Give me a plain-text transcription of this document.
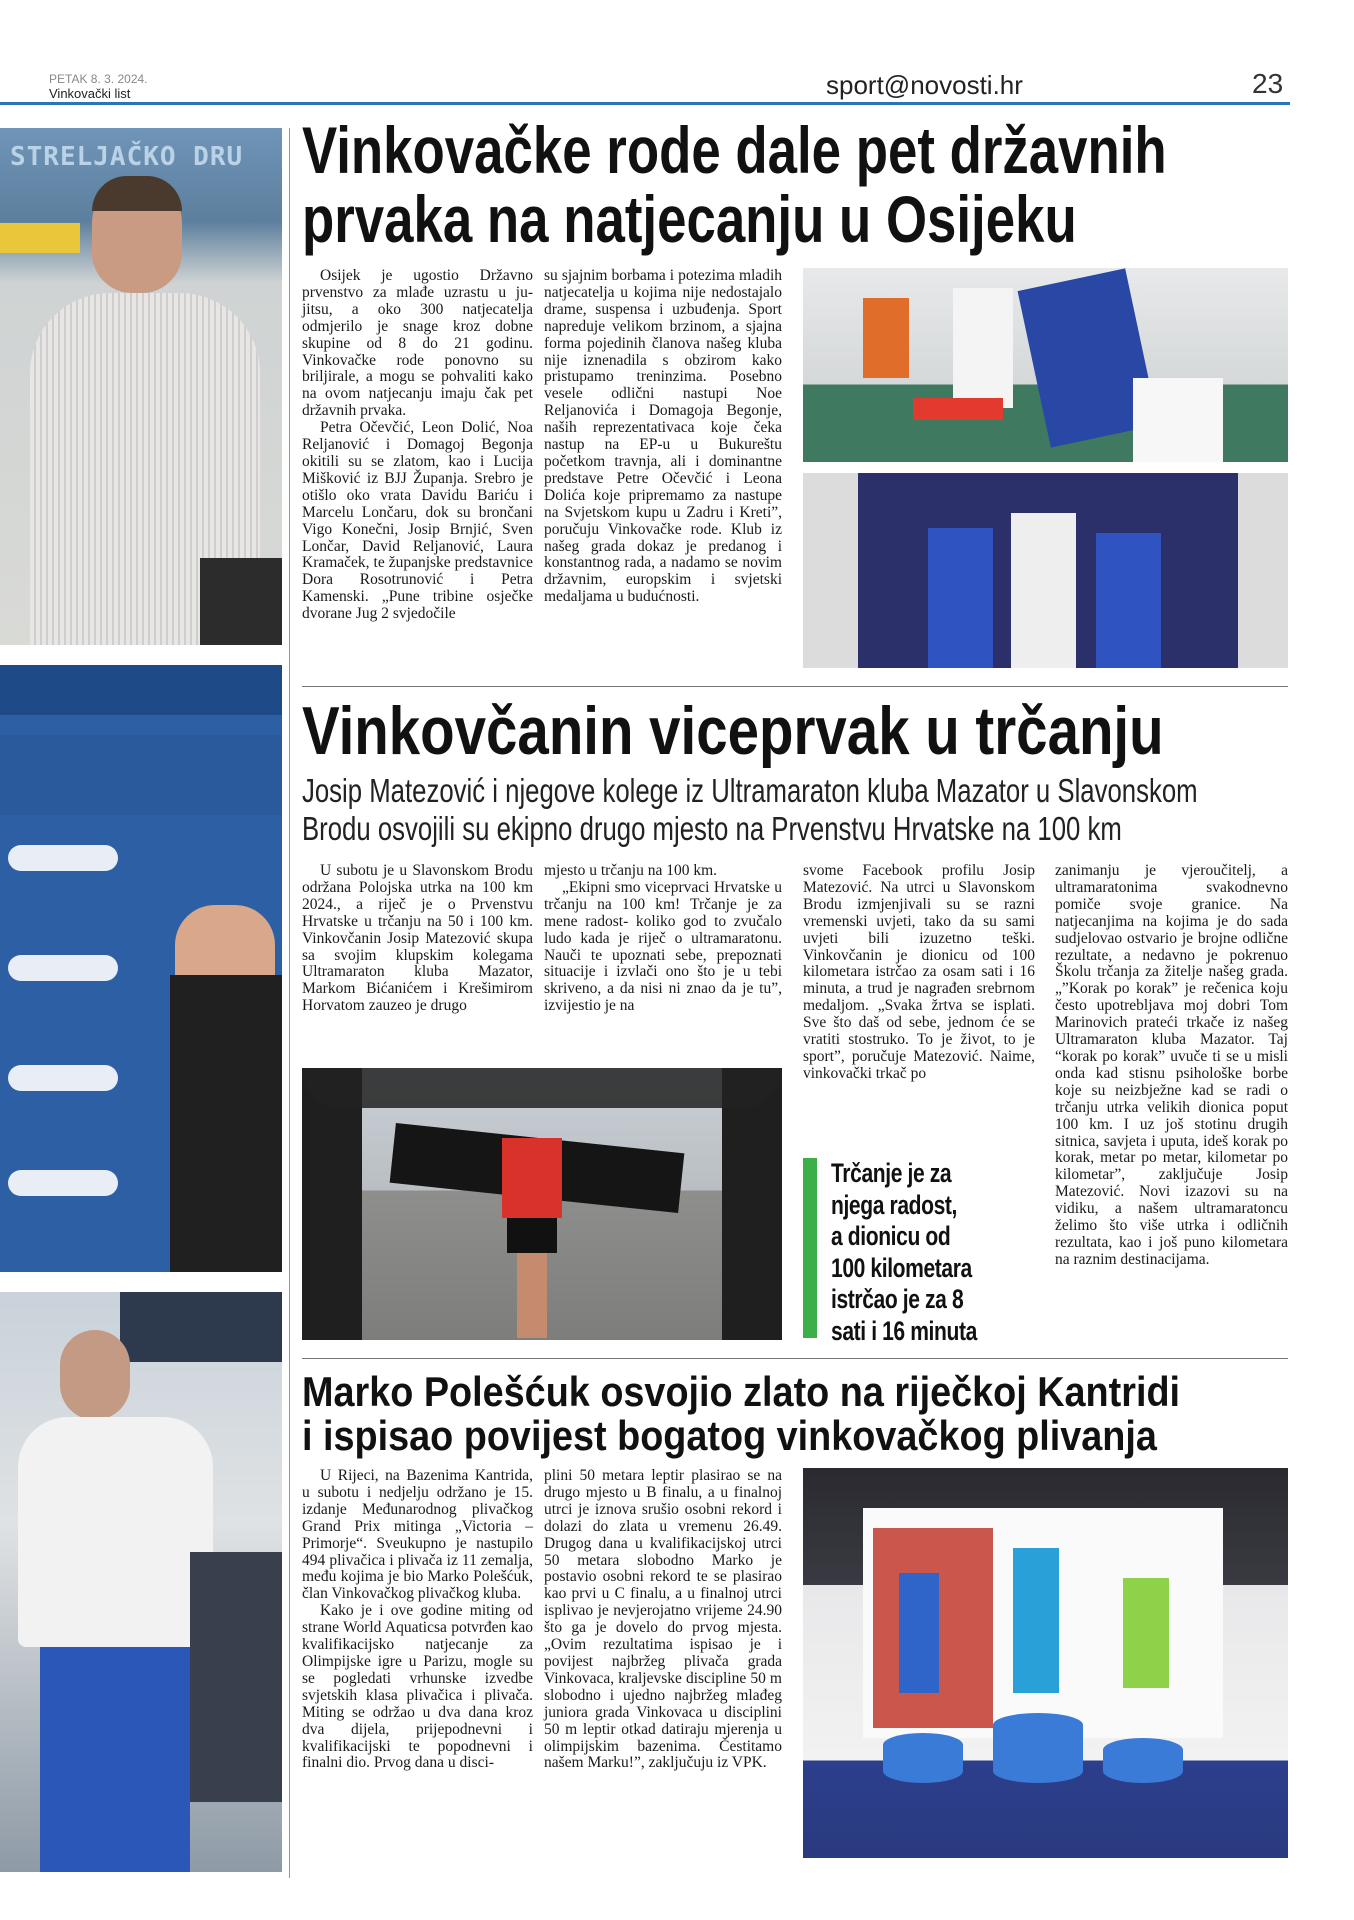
PETAK 8. 3. 2024.
Vinkovački list	sport@novosti.hr	23
STRELJAČKO DRU Vinkovačke rode dale pet državnih
prvaka na natjecanju u Osijeku

Osijek je ugostio Državno prvenstvo za mlađe uzrastu u ju-jitsu, a oko 300 natjecatelja odmjerilo je snage kroz dobne skupine od 8 do 21 godinu. Vinkovačke rode ponovno su briljirale, a mogu se pohvaliti kako na ovom natjecanju imaju čak pet državnih prvaka.

Petra Očevčić, Leon Dolić, Noa Reljanović i Domagoj Begonja okitili su se zlatom, kao i Lucija Mišković iz BJJ Županja. Srebro je otišlo oko vrata Davidu Bariću i Marcelu Lončaru, dok su brončani Vigo Konečni, Josip Brnjić, Sven Lončar, David Reljanović, Laura Kramaček, te županjske predstavnice Dora Rosotrunović i Petra Kamenski. „Pune tribine osječke dvorane Jug 2 svjedočile

su sjajnim borbama i potezima mladih natjecatelja u kojima nije nedostajalo drame, suspensa i uzbuđenja. Sport napreduje velikom brzinom, a sjajna forma pojedinih članova našeg kluba nije iznenadila s obzirom kako pristupamo treninzima. Posebno vesele odlični nastupi Noe Reljanovića i Domagoja Begonje, naših reprezentativaca koje čeka nastup na EP-u u Bukureštu početkom travnja, ali i dominantne predstave Petre Očevčić i Leona Dolića koje pripremamo za nastupe na Svjetskom kupu u Zadru i Kreti”, poručuju Vinkovačke rode. Klub iz našeg grada dokaz je predanog i konstantnog rada, a nadamo se novim državnim, europskim i svjetski medaljama u budućnosti.

Vinkovčanin viceprvak u trčanju
Josip Matezović i njegove kolege iz Ultramaraton kluba Mazator u Slavonskom
Brodu osvojili su ekipno drugo mjesto na Prvenstvu Hrvatske na 100 km

U subotu je u Slavonskom Brodu održana Polojska utrka na 100 km 2024., a riječ je o Prvenstvu Hrvatske u trčanju na 50 i 100 km. Vinkovčanin Josip Matezović skupa sa svojim klupskim kolegama Ultramaraton kluba Mazator, Markom Bićanićem i Krešimirom Horvatom zauzeo je drugo

mjesto u trčanju na 100 km.

„Ekipni smo viceprvaci Hrvatske u trčanju na 100 km! Trčanje je za mene radost- koliko god to zvučalo ludo kada je riječ o ultramaratonu. Nauči te upoznati sebe, prepoznati situacije i izvlači ono što je u tebi skriveno, a da nisi ni znao da je tu”, izvijestio je na

svome Facebook profilu Josip Matezović. Na utrci u Slavonskom Brodu izmjenjivali su se razni vremenski uvjeti, tako da su sami uvjeti bili izuzetno teški. Vinkovčanin je dionicu od 100 kilometara istrčao za osam sati i 16 minuta, a trud je nagrađen srebrnom medaljom. „Svaka žrtva se isplati. Sve što daš od sebe, jednom će se vratiti stostruko. To je život, to je sport”, poručuje Matezović. Naime, vinkovački trkač po

zanimanju je vjeroučitelj, a ultramaratonima svakodnevno pomiče svoje granice. Na natjecanjima na kojima je do sada sudjelovao ostvario je brojne odlične rezultate, a nedavno je pokrenuo Školu trčanja za žitelje našeg grada. „”Korak po korak” je rečenica koju često upotrebljava moj dobri Tom Marinovich prateći trkače iz našeg Ultramaraton kluba Mazator. Taj “korak po korak” uvuče ti se u misli onda kad stisnu psihološke borbe koje su neizbježne kad se radi o trčanju utrka velikih dionica poput 100 km. I uz još stotinu drugih sitnica, savjeta i uputa, ideš korak po korak, metar po metar, kilometar po kilometar”, zaključuje Josip Matezović. Novi izazovi su na vidiku, a našem ultramaratoncu želimo što više utrka i odličnih rezultata, kao i još puno kilometara na raznim destinacijama.

Trčanje je za
njega radost,
a dionicu od
100 kilometara
istrčao je za 8
sati i 16 minuta
Marko Polešćuk osvojio zlato na riječkoj Kantridi
i ispisao povijest bogatog vinkovačkog plivanja

U Rijeci, na Bazenima Kantrida, u subotu i nedjelju održano je 15. izdanje Međunarodnog plivačkog Grand Prix mitinga „Victoria – Primorje“. Sveukupno je nastupilo 494 plivačica i plivača iz 11 zemalja, među kojima je bio Marko Polešćuk, član Vinkovačkog plivačkog kluba.

Kako je i ove godine miting od strane World Aquaticsa potvrđen kao kvalifikacijsko natjecanje za Olimpijske igre u Parizu, mogle su se pogledati vrhunske izvedbe svjetskih klasa plivačica i plivača. Miting se održao u dva dana kroz dva dijela, prijepodnevni i kvalifikacijski te popodnevni i finalni dio. Prvog dana u disci-

plini 50 metara leptir plasirao se na drugo mjesto u B finalu, a u finalnoj utrci je iznova srušio osobni rekord i dolazi do zlata u vremenu 26.49. Drugog dana u kvalifikacijskoj utrci 50 metara slobodno Marko je postavio osobni rekord te se plasirao kao prvi u C finalu, a u finalnoj utrci isplivao je nevjerojatno vrijeme 24.90 što ga je dovelo do prvog mjesta. „Ovim rezultatima ispisao je i povijest najbržeg plivača grada Vinkovaca, kraljevske discipline 50 m slobodno i ujedno najbržeg mlađeg juniora grada Vinkovaca u disciplini 50 m leptir otkad datiraju mjerenja u olimpijskim bazenima. Čestitamo našem Marku!”, zaključuju iz VPK.
